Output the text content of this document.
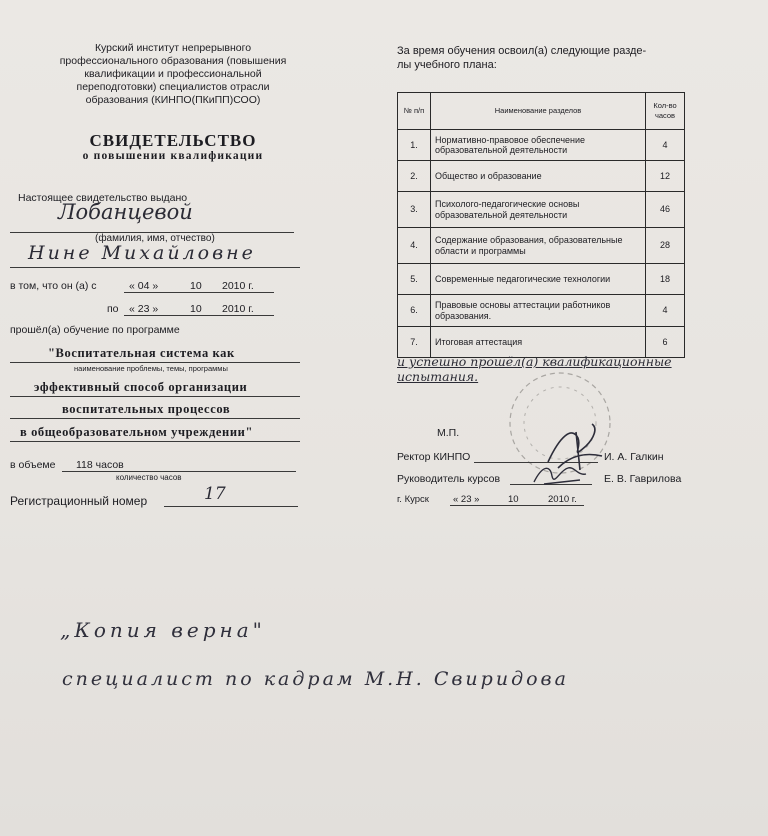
Курский институт непрерывного
профессионального образования (повышения
квалификации и профессиональной
переподготовки) специалистов отрасли
образования (КИНПО(ПКиПП)СОО)
СВИДЕТЕЛЬСТВО
о повышении квалификации
Настоящее свидетельство выдано
Лобанцевой
(фамилия, имя, отчество)
Нине Михайловне
в том, что он (а) с	« 04 »	10 2010 г.
по « 23 »	10 2010 г.
прошёл(а) обучение по программе
"Воспитательная система как
наименование проблемы, темы, программы
эффективный способ организации
воспитательных процессов
в общеобразовательном учреждении"
в объеме 118 часов
количество часов
Регистрационный номер	17
За время обучения освоил(а) следующие разде-
лы учебного плана:
№ п/п	Наименование разделов	Кол-во часов
1.	Нормативно-правовое обеспечение образовательной деятельности	4
2.	Общество и образование	12
3.	Психолого-педагогические основы образовательной деятельности	46
4.	Содержание образования, образовательные области и программы	28
5.	Современные педагогические технологии	18
6.	Правовые основы аттестации работников образования.	4
7.	Итоговая аттестация	6
и успешно прошёл(а) квалификационные
испытания.
М.П.
Ректор КИНПО	И. А. Галкин
Руководитель курсов	Е. В. Гаврилова
г. Курск	« 23 »	10	2010 г.
„Копия верна"
специалист по кадрам М.Н. Свиридова
